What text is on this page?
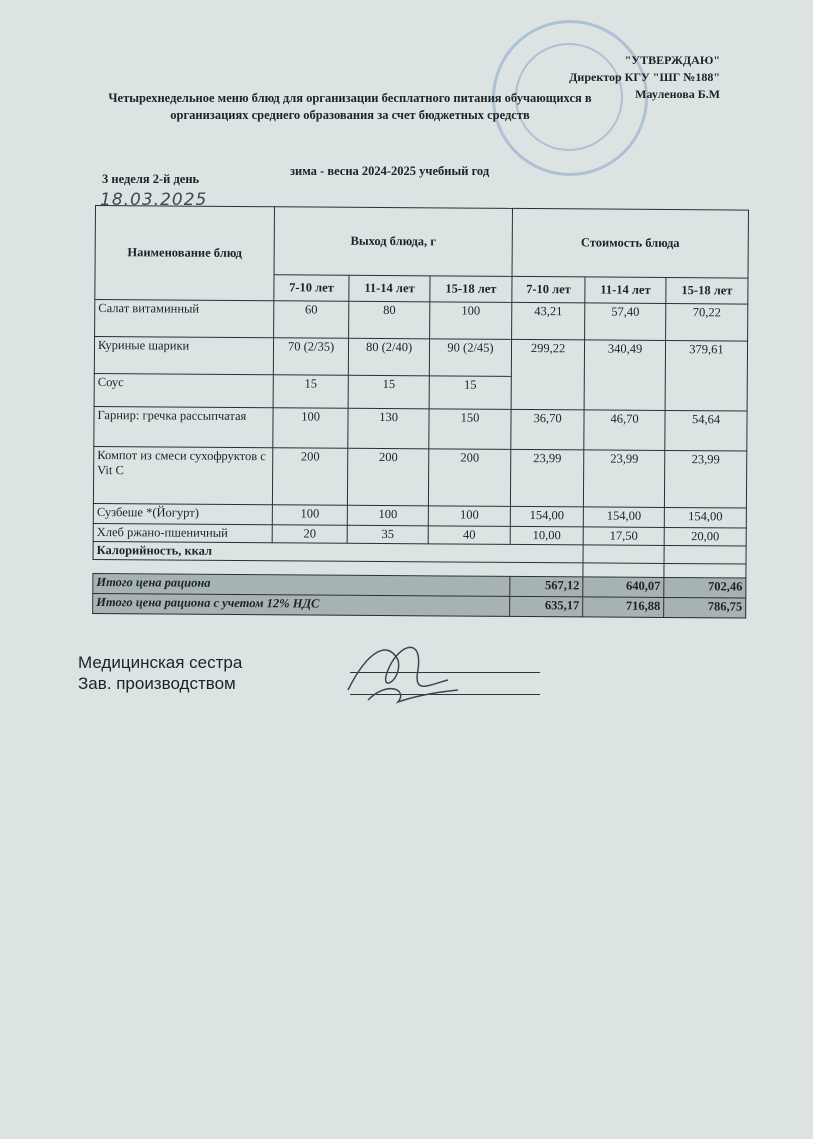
"УТВЕРЖДАЮ"
Директор КГУ "ШГ №188"
Мауленова Б.М
Четырехнедельное меню блюд для организации бесплатного питания обучающихся в организациях среднего образования за счет бюджетных средств
зима - весна 2024-2025 учебный год
3 неделя 2-й день
18.03.2025
Наименование блюд	Выход блюда, г			Стоимость блюда		
	7-10 лет	11-14 лет	15-18 лет	7-10 лет	11-14 лет	15-18 лет
Салат витаминный	60	80	100	43,21	57,40	70,22
Куриные шарики	70 (2/35)	80 (2/40)	90 (2/45)	299,22	340,49	379,61
Соус	15	15	15			
Гарнир: гречка рассыпчатая	100	130	150	36,70	46,70	54,64
Компот из смеси сухофруктов с Vit C	200	200	200	23,99	23,99	23,99
Сузбеше *(Йогурт)	100	100	100	154,00	154,00	154,00
Хлеб ржано-пшеничный	20	35	40	10,00	17,50	20,00
Калорийность, ккал						

Итого цена рациона				567,12	640,07	702,46
Итого цена рациона с учетом 12% НДС				635,17	716,88	786,75
Медицинская сестра
Зав. производством
